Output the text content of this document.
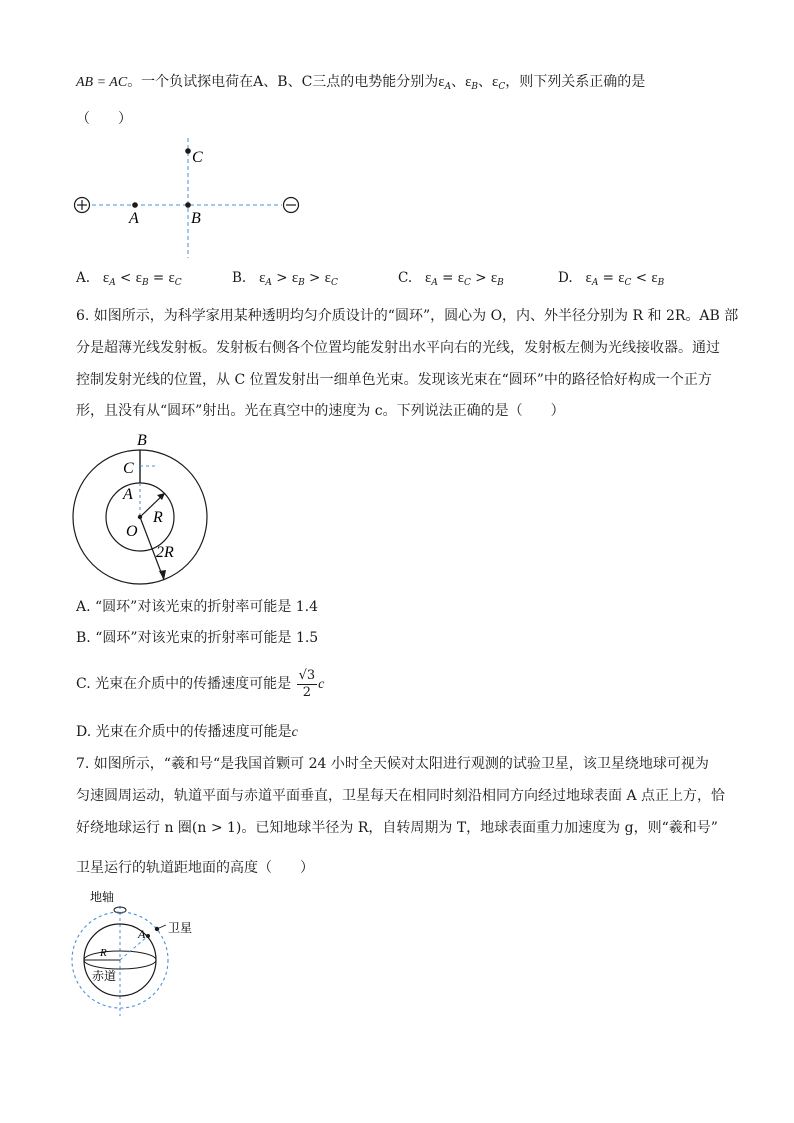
AB = AC。一个负试探电荷在A、B、C三点的电势能分别为$\varepsilon_A$、$\varepsilon_B$、$\varepsilon_C$，则下列关系正确的是
（　　）
C
A	B
A. $\varepsilon_A < \varepsilon_B = \varepsilon_C$	B. $\varepsilon_A > \varepsilon_B > \varepsilon_C$	C. $\varepsilon_A = \varepsilon_C > \varepsilon_B$	D. $\varepsilon_A = \varepsilon_C < \varepsilon_B$
6. 如图所示，为科学家用某种透明均匀介质设计的“圆环”，圆心为 O，内、外半径分别为 R 和 2R。AB 部
分是超薄光线发射板。发射板右侧各个位置均能发射出水平向右的光线，发射板左侧为光线接收器。通过
控制发射光线的位置，从 C 位置发射出一细单色光束。发现该光束在“圆环”中的路径恰好构成一个正方
形，且没有从“圆环”射出。光在真空中的速度为 c。下列说法正确的是（　　）
B
C
A
O
R
2R
A. “圆环”对该光束的折射率可能是 1.4
B. “圆环”对该光束的折射率可能是 1.5
C. 光束在介质中的传播速度可能是 $\frac{√3}{2}$ c
D. 光束在介质中的传播速度可能是c
7. 如图所示，“羲和号“是我国首颗可 24 小时全天候对太阳进行观测的试验卫星，该卫星绕地球可视为
匀速圆周运动，轨道平面与赤道平面垂直，卫星每天在相同时刻沿相同方向经过地球表面 A 点正上方，恰
好绕地球运行 n 圈(n > 1)。已知地球半径为 R，自转周期为 T，地球表面重力加速度为 g，则“羲和号”
卫星运行的轨道距地面的高度（　　）
地轴
卫星
A
R
赤道
